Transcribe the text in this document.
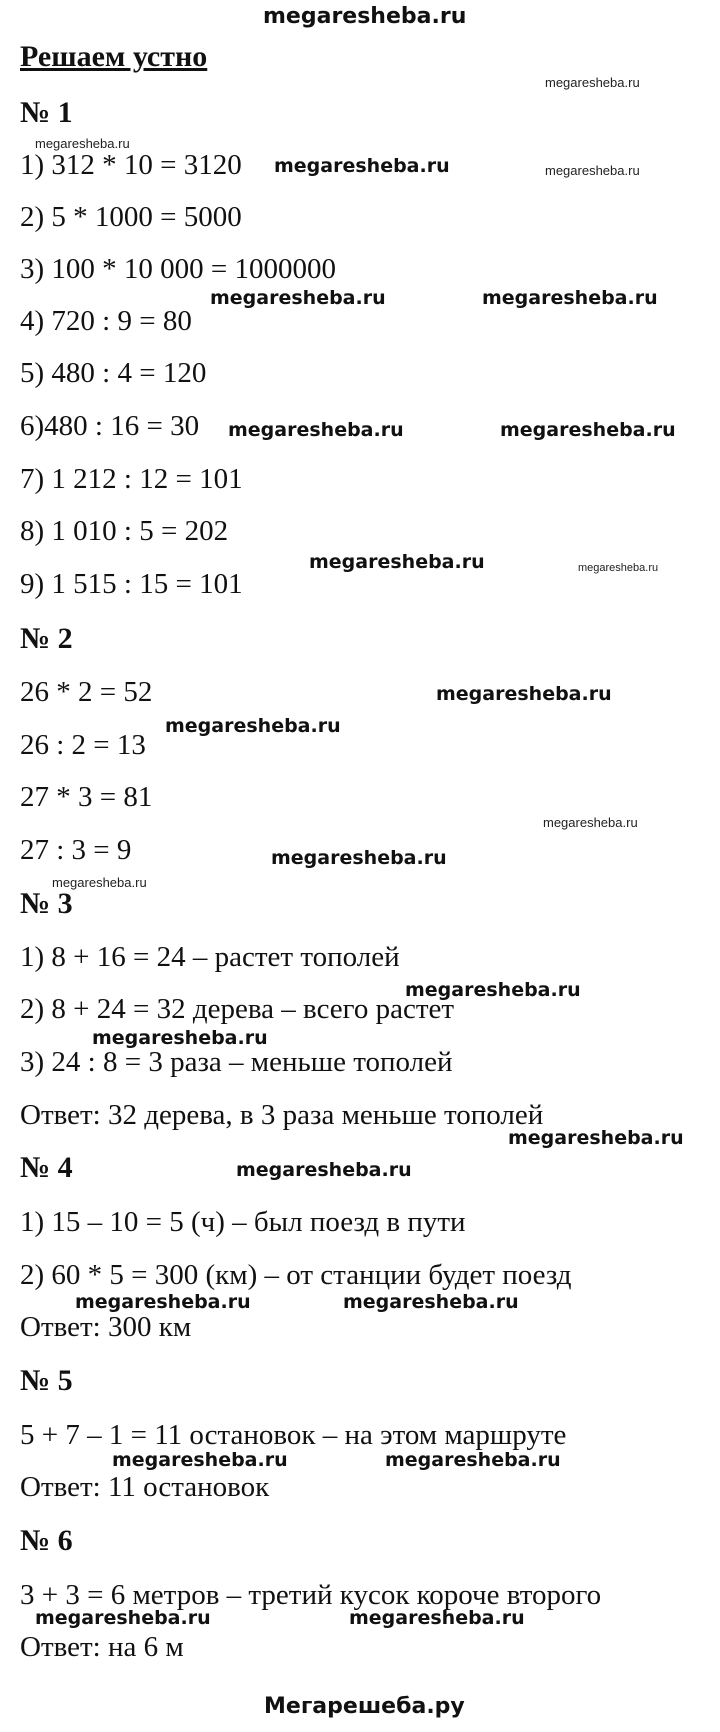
megaresheba.ru
Решаем устно
№ 1
1) 312 * 10 = 3120
2) 5 * 1000 = 5000
3) 100 * 10 000 = 1000000
4) 720 : 9 = 80
5) 480 : 4 = 120
6)480 : 16 = 30
7) 1 212 : 12 = 101
8) 1 010 : 5 = 202
9) 1 515 : 15 = 101
№ 2
26 * 2 = 52
26 : 2 = 13
27 * 3 = 81
27 : 3 = 9
№ 3
1) 8 + 16 = 24 – растет тополей
2) 8 + 24 = 32 дерева – всего растет
3) 24 : 8 = 3 раза – меньше тополей
Ответ: 32 дерева, в 3 раза меньше тополей
№ 4
1) 15 – 10 = 5 (ч) – был поезд в пути
2) 60 * 5 = 300 (км) – от станции будет поезд
Ответ: 300 км
№ 5
5 + 7 – 1 = 11 остановок – на этом маршруте
Ответ: 11 остановок
№ 6
3 + 3 = 6 метров – третий кусок короче второго
Ответ: на 6 м
megaresheba.ru
megaresheba.ru	megaresheba.ru
megaresheba.ru	megaresheba.ru
megaresheba.ru
megaresheba.ru
megaresheba.ru
megaresheba.ru
megaresheba.ru
megaresheba.ru
megaresheba.ru
megaresheba.ru
megaresheba.ru	megaresheba.ru
megaresheba.ru	megaresheba.ru
megaresheba.ru	megaresheba.ru
megaresheba.ru
megaresheba.ru
megaresheba.ru
megaresheba.ru
megaresheba.ru
megaresheba.ru
Мегарешеба.ру
